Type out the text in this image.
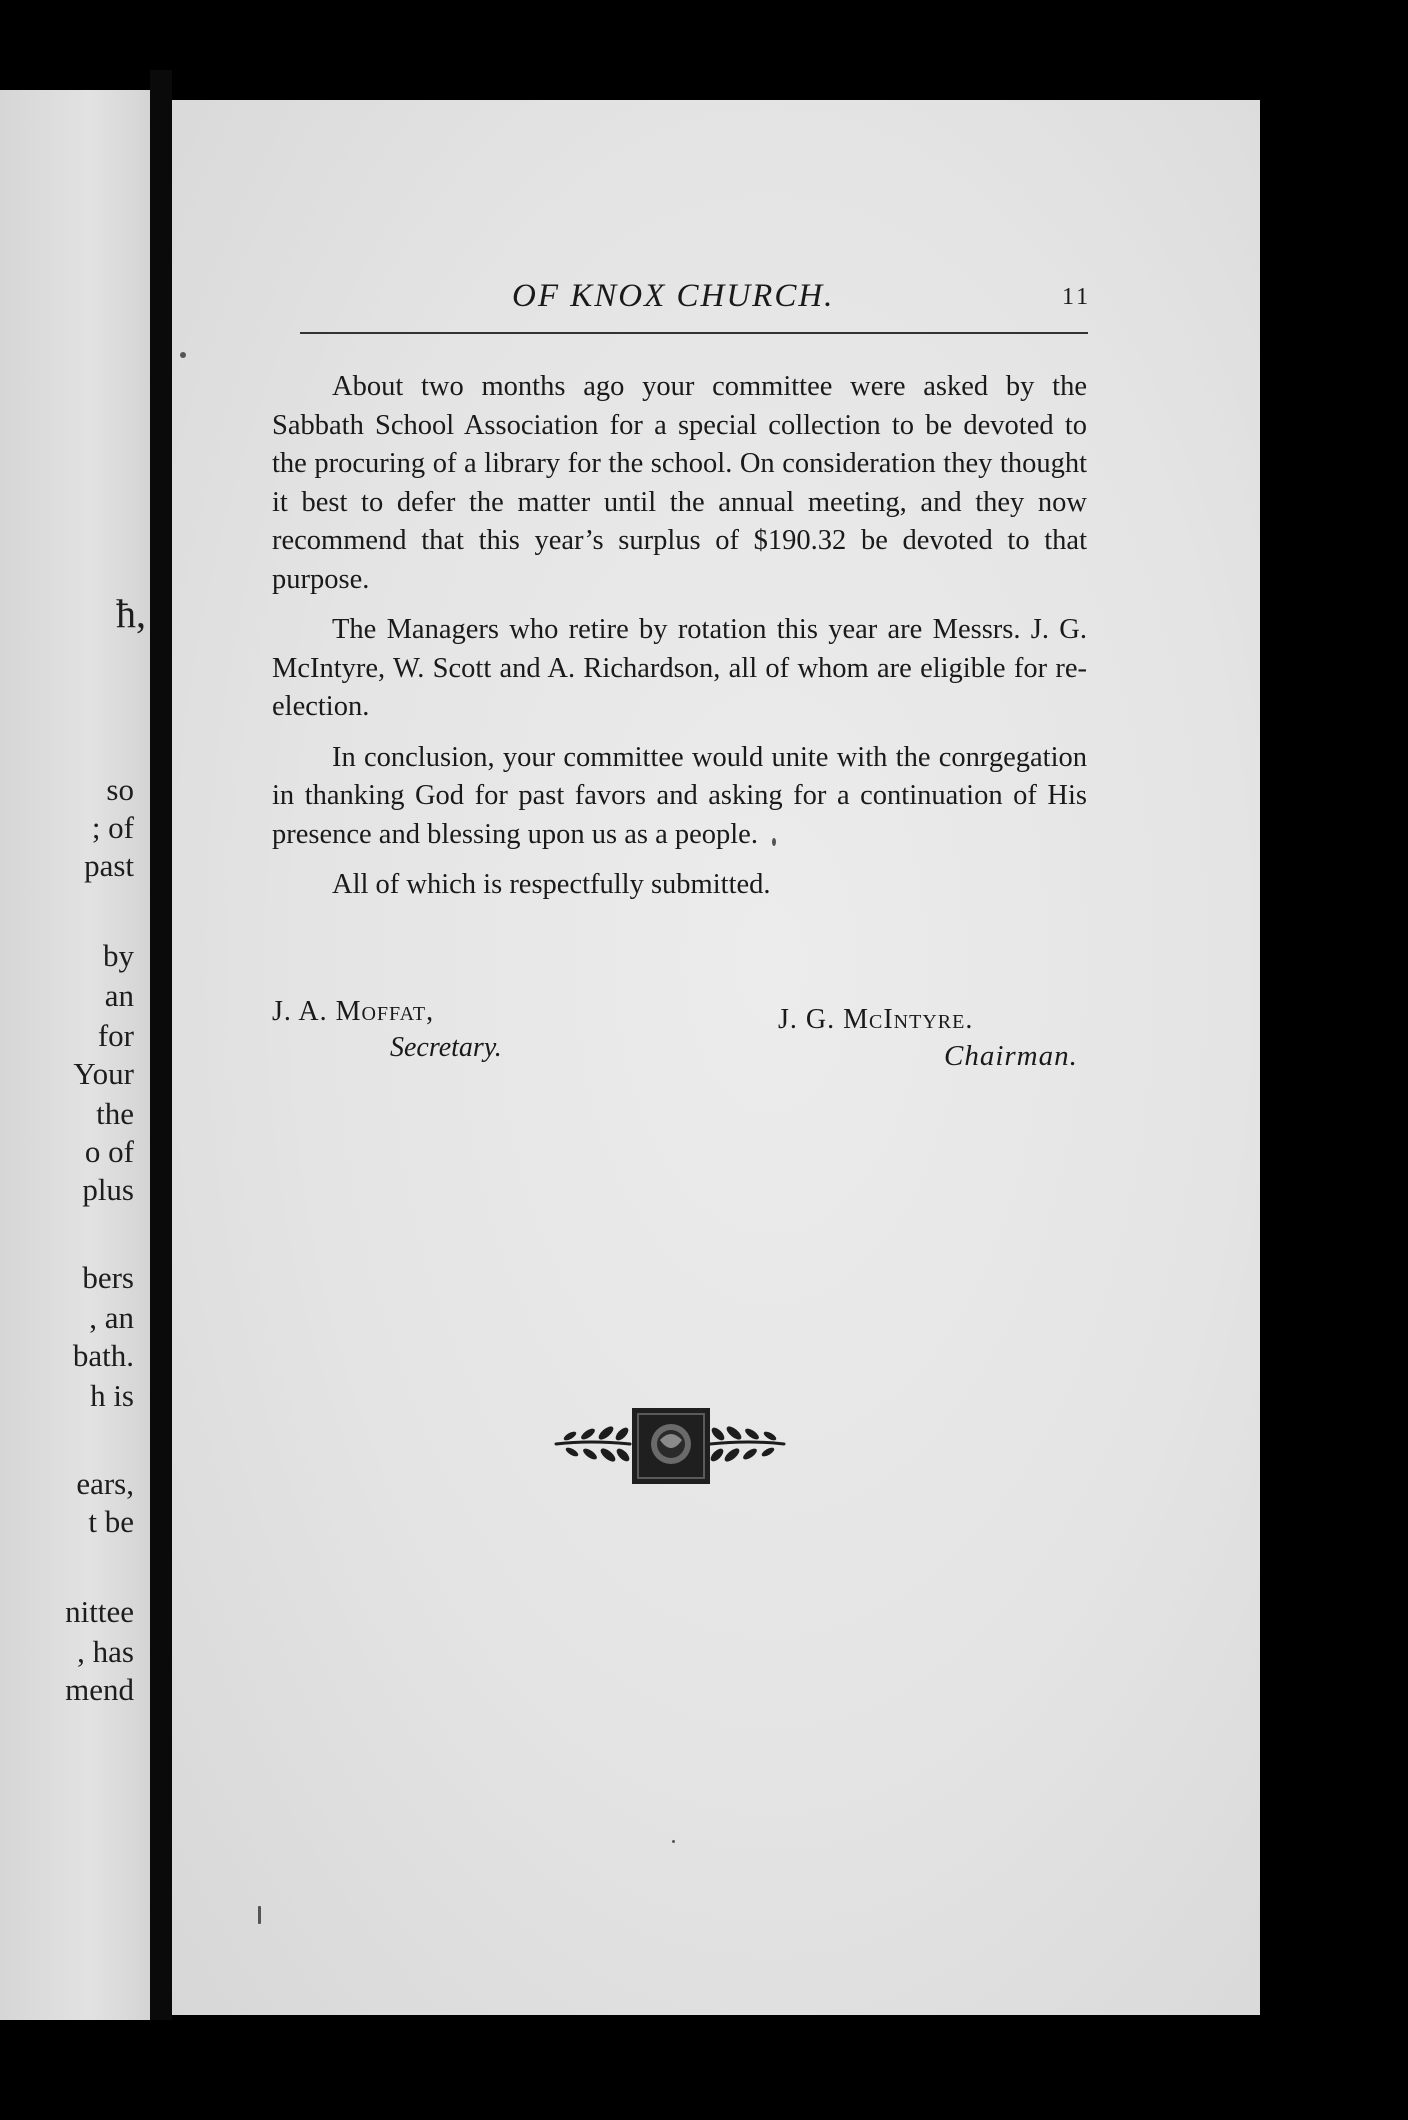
ħ,
so
; of
past
by
an
for
Your
the
o of
plus
bers
, an
bath.
h is
ears,
t be
nittee
, has
mend
OF KNOX CHURCH.	11

About two months ago your committee were asked by the Sabbath School Association for a special collection to be devoted to the procuring of a library for the school. On consideration they thought it best to defer the matter until the annual meeting, and they now recommend that this year’s surplus of $190.32 be devoted to that purpose.

The Managers who retire by rotation this year are Messrs. J. G. McIntyre, W. Scott and A. Richardson, all of whom are eligible for re-election.

In conclusion, your committee would unite with the conrgegation in thanking God for past favors and asking for a continuation of His presence and blessing upon us as a people.

All of which is respectfully submitted.

J. A. Moffat,
Secretary.
J. G. McIntyre.
Chairman.
